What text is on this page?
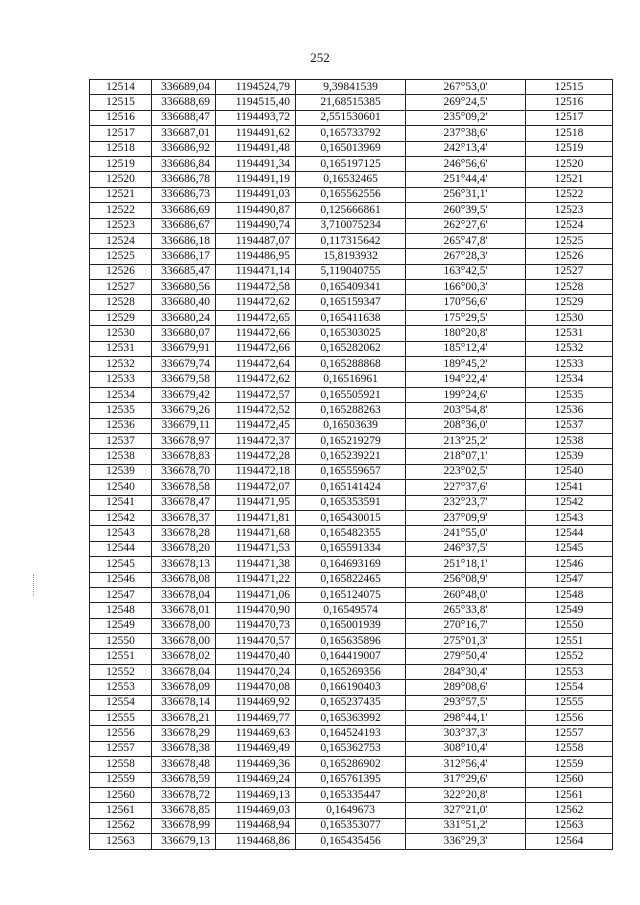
252
12514	336689,04	1194524,79	9,39841539	267°53,0'	12515
12515	336688,69	1194515,40	21,68515385	269°24,5'	12516
12516	336688,47	1194493,72	2,551530601	235°09,2'	12517
12517	336687,01	1194491,62	0,165733792	237°38,6'	12518
12518	336686,92	1194491,48	0,165013969	242°13,4'	12519
12519	336686,84	1194491,34	0,165197125	246°56,6'	12520
12520	336686,78	1194491,19	0,16532465	251°44,4'	12521
12521	336686,73	1194491,03	0,165562556	256°31,1'	12522
12522	336686,69	1194490,87	0,125666861	260°39,5'	12523
12523	336686,67	1194490,74	3,710075234	262°27,6'	12524
12524	336686,18	1194487,07	0,117315642	265°47,8'	12525
12525	336686,17	1194486,95	15,8193932	267°28,3'	12526
12526	336685,47	1194471,14	5,119040755	163°42,5'	12527
12527	336680,56	1194472,58	0,165409341	166°00,3'	12528
12528	336680,40	1194472,62	0,165159347	170°56,6'	12529
12529	336680,24	1194472,65	0,165411638	175°29,5'	12530
12530	336680,07	1194472,66	0,165303025	180°20,8'	12531
12531	336679,91	1194472,66	0,165282062	185°12,4'	12532
12532	336679,74	1194472,64	0,165288868	189°45,2'	12533
12533	336679,58	1194472,62	0,16516961	194°22,4'	12534
12534	336679,42	1194472,57	0,165505921	199°24,6'	12535
12535	336679,26	1194472,52	0,165288263	203°54,8'	12536
12536	336679,11	1194472,45	0,16503639	208°36,0'	12537
12537	336678,97	1194472,37	0,165219279	213°25,2'	12538
12538	336678,83	1194472,28	0,165239221	218°07,1'	12539
12539	336678,70	1194472,18	0,165559657	223°02,5'	12540
12540	336678,58	1194472,07	0,165141424	227°37,6'	12541
12541	336678,47	1194471,95	0,165353591	232°23,7'	12542
12542	336678,37	1194471,81	0,165430015	237°09,9'	12543
12543	336678,28	1194471,68	0,165482355	241°55,0'	12544
12544	336678,20	1194471,53	0,165591334	246°37,5'	12545
12545	336678,13	1194471,38	0,164693169	251°18,1'	12546
12546	336678,08	1194471,22	0,165822465	256°08,9'	12547
12547	336678,04	1194471,06	0,165124075	260°48,0'	12548
12548	336678,01	1194470,90	0,16549574	265°33,8'	12549
12549	336678,00	1194470,73	0,165001939	270°16,7'	12550
12550	336678,00	1194470,57	0,165635896	275°01,3'	12551
12551	336678,02	1194470,40	0,164419007	279°50,4'	12552
12552	336678,04	1194470,24	0,165269356	284°30,4'	12553
12553	336678,09	1194470,08	0,166190403	289°08,6'	12554
12554	336678,14	1194469,92	0,165237435	293°57,5'	12555
12555	336678,21	1194469,77	0,165363992	298°44,1'	12556
12556	336678,29	1194469,63	0,164524193	303°37,3'	12557
12557	336678,38	1194469,49	0,165362753	308°10,4'	12558
12558	336678,48	1194469,36	0,165286902	312°56,4'	12559
12559	336678,59	1194469,24	0,165761395	317°29,6'	12560
12560	336678,72	1194469,13	0,165335447	322°20,8'	12561
12561	336678,85	1194469,03	0,1649673	327°21,0'	12562
12562	336678,99	1194468,94	0,165353077	331°51,2'	12563
12563	336679,13	1194468,86	0,165435456	336°29,3'	12564
